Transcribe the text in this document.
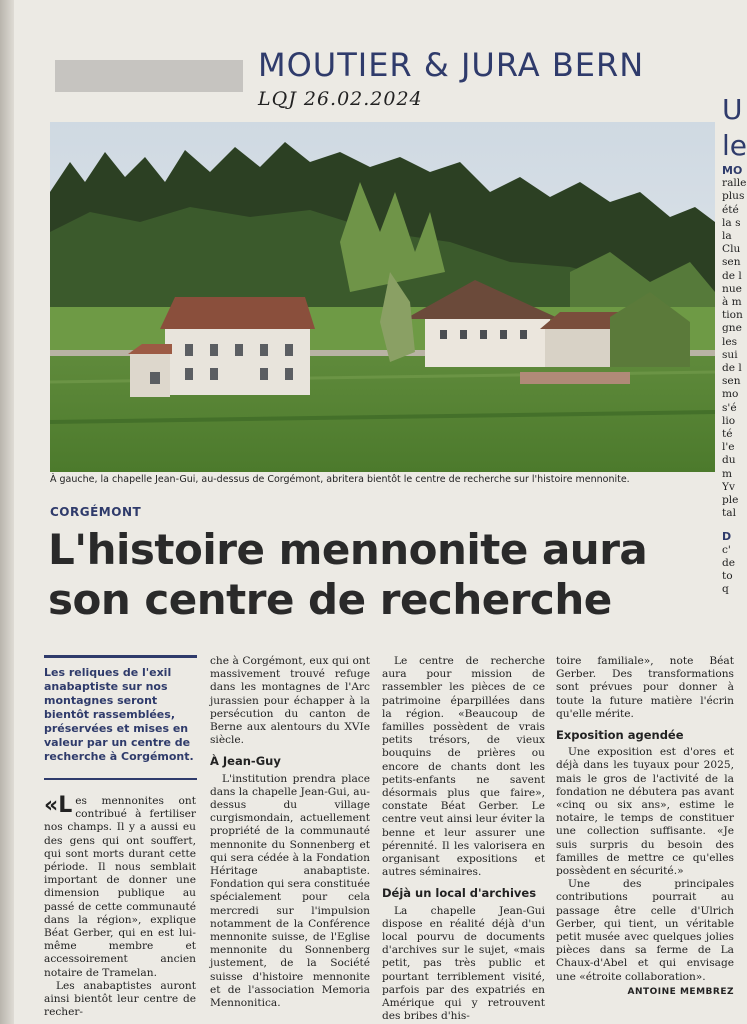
MOUTIER & JURA BERN
LQJ 26.02.2024
À gauche, la chapelle Jean-Gui, au-dessus de Corgémont, abritera bientôt le centre de recherche sur l'histoire mennonite.
CORGÉMONT
L'histoire mennonite aura son centre de recherche
Les reliques de l'exil anabaptiste sur nos montagnes seront bientôt rassemblées, préservées et mises en valeur par un centre de recherche à Corgémont.

«Les mennonites ont contribué à fertiliser nos champs. Il y a aussi eu des gens qui ont souffert, qui sont morts durant cette période. Il nous semblait important de donner une dimension publique au passé de cette communauté dans la région», explique Béat Gerber, qui en est lui-même membre et accessoirement ancien notaire de Tramelan.

Les anabaptistes auront ainsi bientôt leur centre de recher-

che à Corgémont, eux qui ont massivement trouvé refuge dans les montagnes de l'Arc jurassien pour échapper à la persécution du canton de Berne aux alentours du XVIe siècle.

À Jean-Guy

L'institution prendra place dans la chapelle Jean-Gui, au-dessus du village curgismondain, actuellement propriété de la communauté mennonite du Sonnenberg et qui sera cédée à la Fondation Héritage anabaptiste. Fondation qui sera constituée spécialement pour cela mercredi sur l'impulsion notamment de la Conférence mennonite suisse, de l'Eglise mennonite du Sonnenberg justement, de la Société suisse d'histoire mennonite et de l'association Memoria Mennonitica.

Le centre de recherche aura pour mission de rassembler les pièces de ce patrimoine éparpillées dans la région. «Beaucoup de familles possèdent de vrais petits trésors, de vieux bouquins de prières ou encore de chants dont les petits-enfants ne savent désormais plus que faire», constate Béat Gerber. Le centre veut ainsi leur éviter la benne et leur assurer une pérennité. Il les valorisera en organisant expositions et autres séminaires.

Déjà un local d'archives

La chapelle Jean-Gui dispose en réalité déjà d'un local pourvu de documents d'archives sur le sujet, «mais petit, pas très public et pourtant terriblement visité, parfois par des expatriés en Amérique qui y retrouvent des bribes d'his-

toire familiale», note Béat Gerber. Des transformations sont prévues pour donner à toute la future matière l'écrin qu'elle mérite.

Exposition agendée

Une exposition est d'ores et déjà dans les tuyaux pour 2025, mais le gros de l'activité de la fondation ne débutera pas avant «cinq ou six ans», estime le notaire, le temps de constituer une collection suffisante. «Je suis surpris du besoin des familles de mettre ce qu'elles possèdent en sécurité.»

Une des principales contributions pourrait au passage être celle d'Ulrich Gerber, qui tient, un véritable petit musée avec quelques jolies pièces dans sa ferme de La Chaux-d'Abel et qui envisage une «étroite collaboration».

ANTOINE MEMBREZ
U
le
MO
ralle
plus
été
la s
la
Clu
sen
de l
nue
à m
tion
gne
les
sui
de l
sen
mo
s'é
lio
té
l'e
du
m
Yv
ple
tal
D
c'
de
to
q
